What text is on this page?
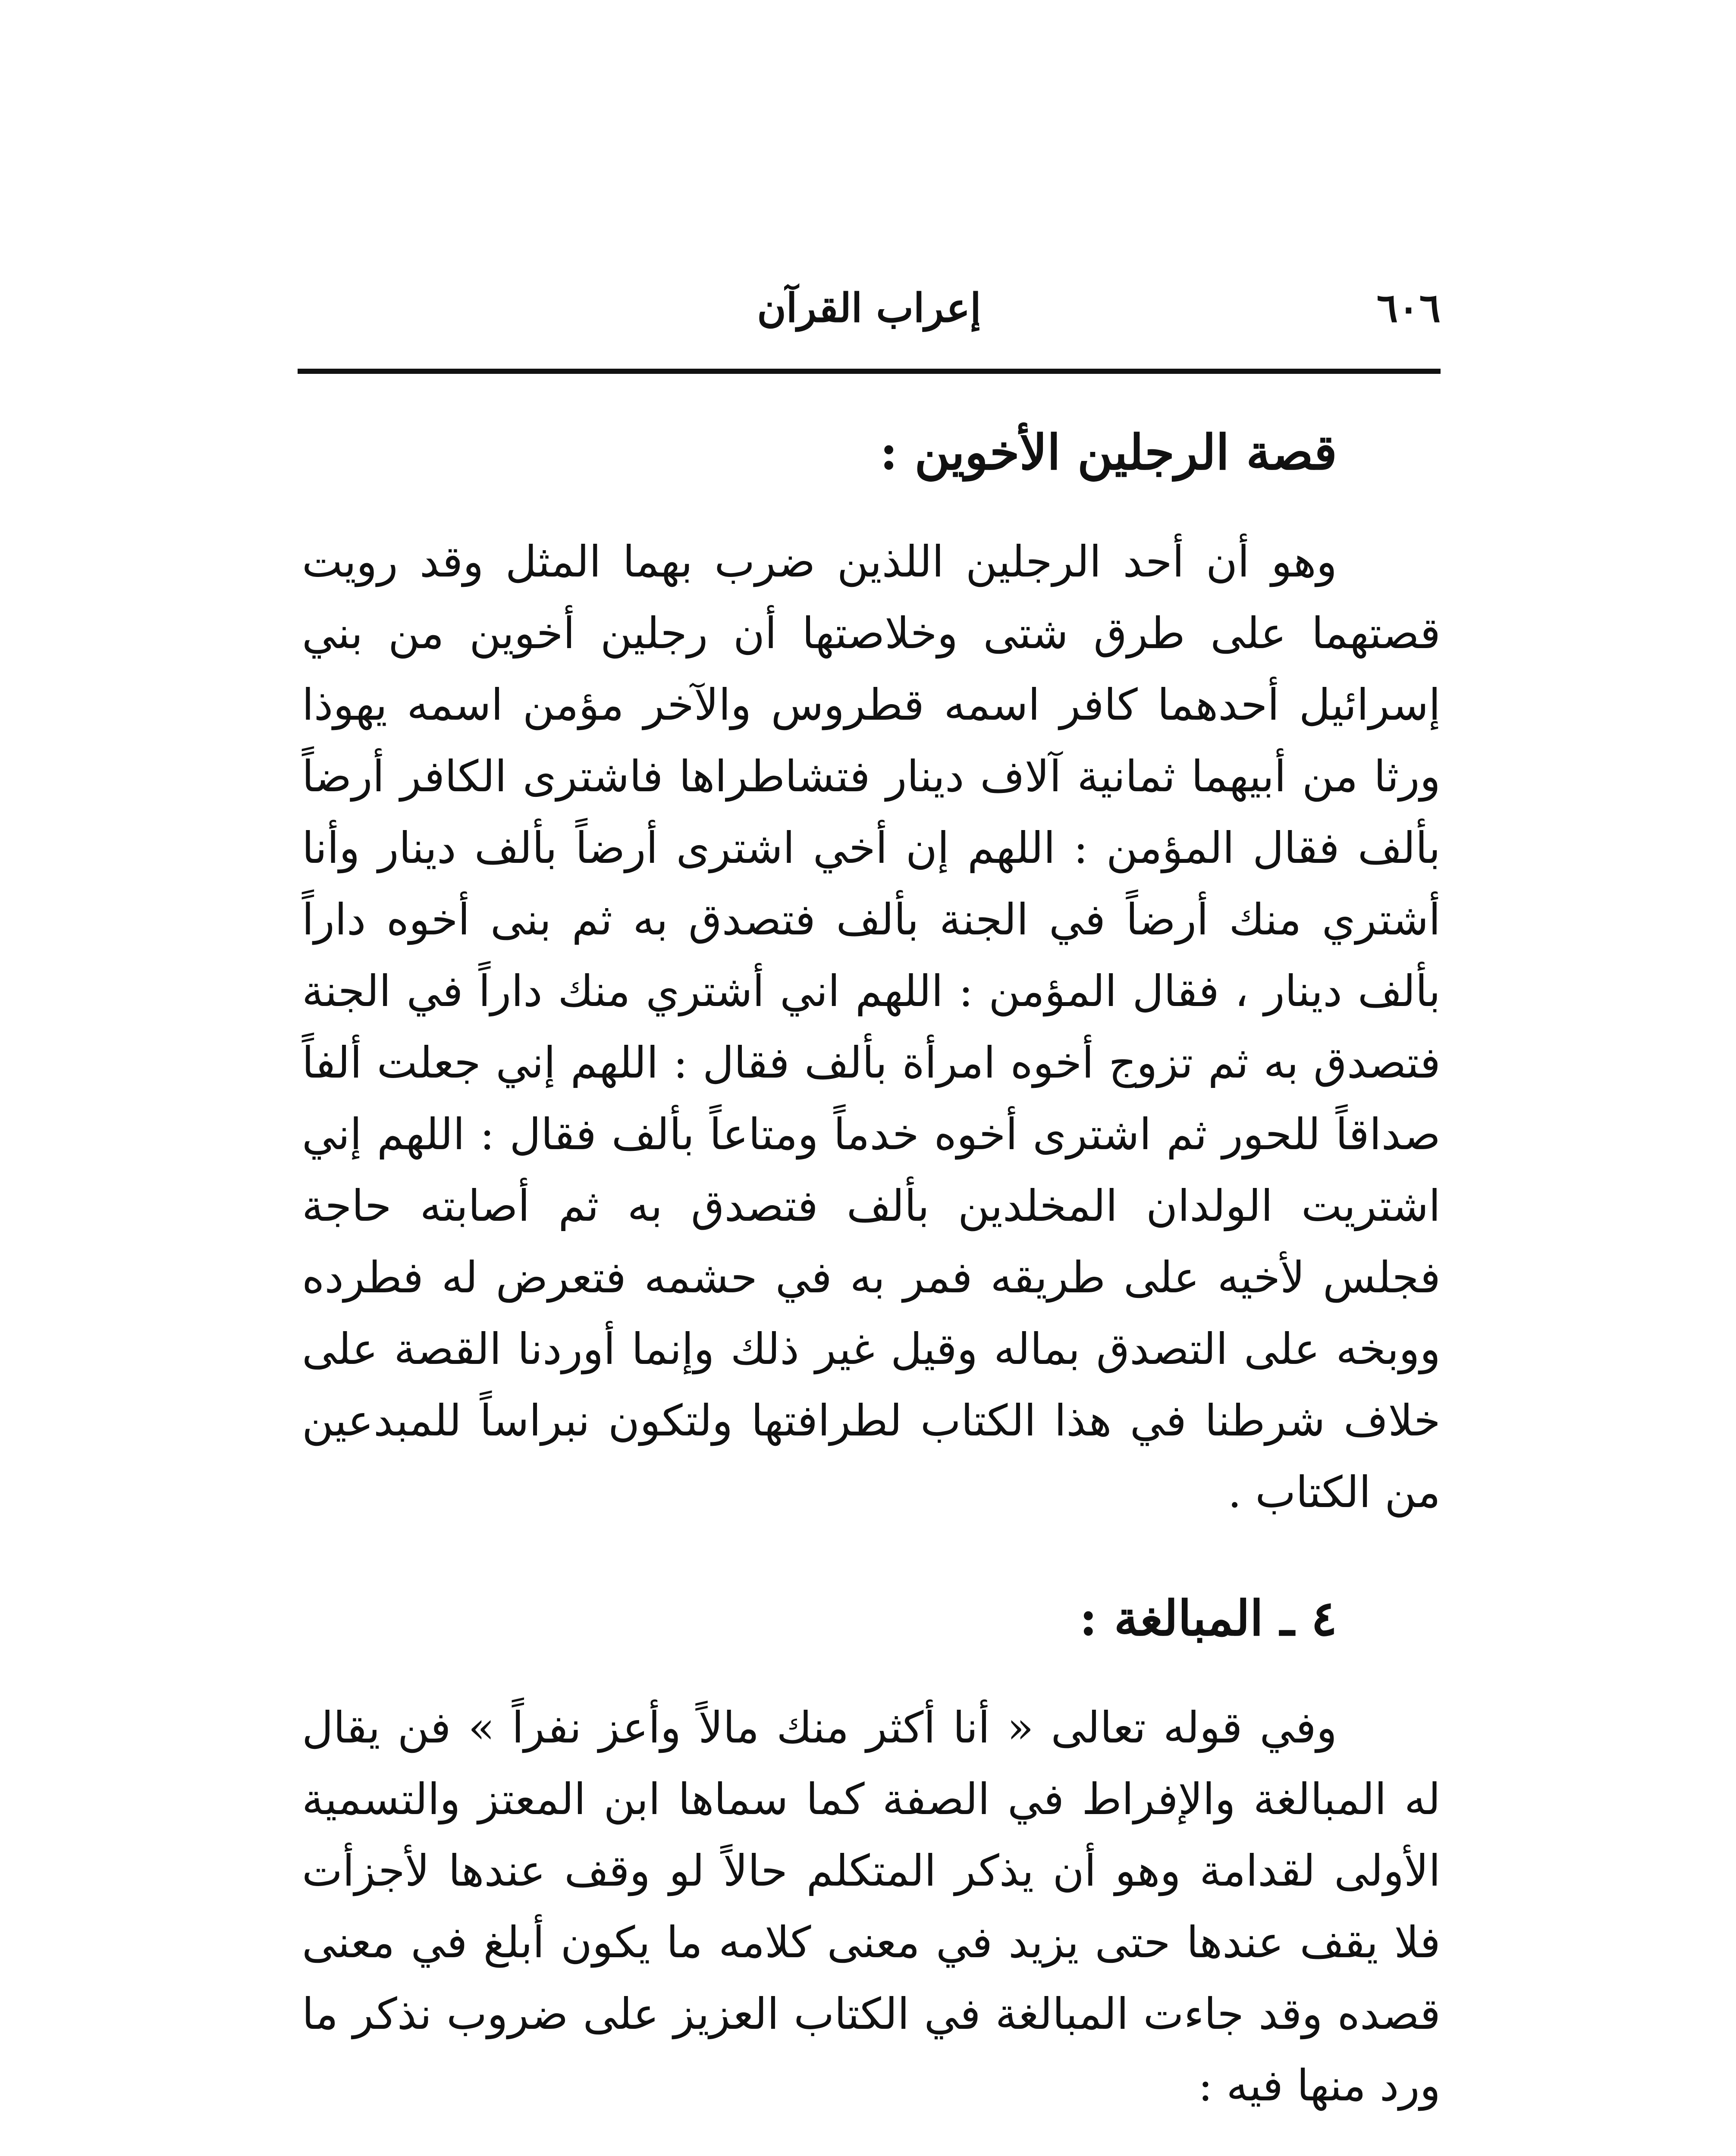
٦٠٦
إعراب القرآن
قصة الرجلين الأخوين :

وهو أن أحد الرجلين اللذين ضرب بهما المثل وقد رويت قصتهما على طرق شتى وخلاصتها أن رجلين أخوين من بني إسرائيل أحدهما كافر اسمه قطروس والآخر مؤمن اسمه يهوذا ورثا من أبيهما ثمانية آلاف دينار فتشاطراها فاشترى الكافر أرضاً بألف فقال المؤمن : اللهم إن أخي اشترى أرضاً بألف دينار وأنا أشتري منك أرضاً في الجنة بألف فتصدق به ثم بنى أخوه داراً بألف دينار ، فقال المؤمن : اللهم اني أشتري منك داراً في الجنة فتصدق به ثم تزوج أخوه امرأة بألف فقال : اللهم إني جعلت ألفاً صداقاً للحور ثم اشترى أخوه خدماً ومتاعاً بألف فقال : اللهم إني اشتريت الولدان المخلدين بألف فتصدق به ثم أصابته حاجة فجلس لأخيه على طريقه فمر به في حشمه فتعرض له فطرده ووبخه على التصدق بماله وقيل غير ذلك وإنما أوردنا القصة على خلاف شرطنا في هذا الكتاب لطرافتها ولتكون نبراساً للمبدعين من الكتاب .

٤ ـ المبالغة :

وفي قوله تعالى « أنا أكثر منك مالاً وأعز نفراً » فن يقال له المبالغة والإفراط في الصفة كما سماها ابن المعتز والتسمية الأولى لقدامة وهو أن يذكر المتكلم حالاً لو وقف عندها لأجزأت فلا يقف عندها حتى يزيد في معنى كلامه ما يكون أبلغ في معنى قصده وقد جاءت المبالغة في الكتاب العزيز على ضروب نذكر ما ورد منها فيه :
